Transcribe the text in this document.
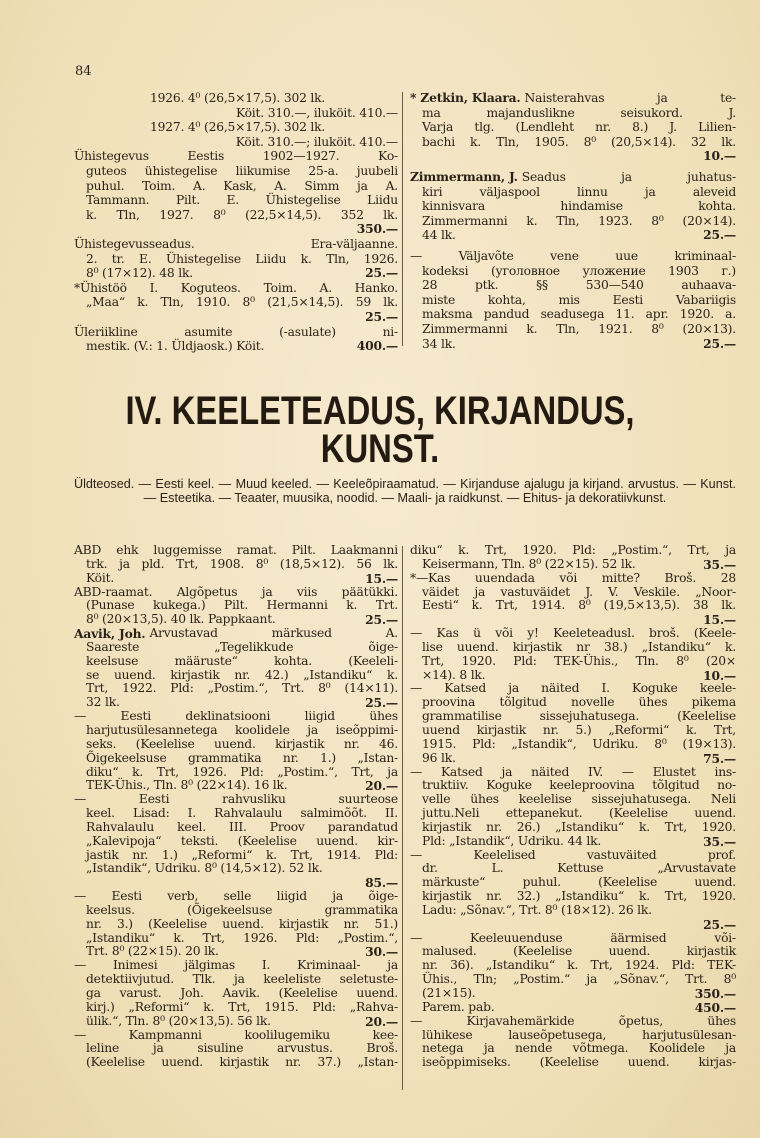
84
1926. 4⁰ (26,5×17,5). 302 lk.
Köit. 310.—, iluköit. 410.—
1927. 4⁰ (26,5×17,5). 302 lk.
Köit. 310.—; iluköit. 410.—
Ühistegevus Eestis 1902—1927. Ko-
guteos ühistegelise liikumise 25-a. juubeli
puhul. Toim. A. Kask, A. Simm ja A.
Tammann. Pilt. E. Ühistegelise Liidu
k. Tln, 1927. 8⁰ (22,5×14,5). 352 lk.
350.—
Ühistegevusseadus. Era-väljaanne.
2. tr. E. Ühistegelise Liidu k. Tln, 1926.
8⁰ (17×12). 48 lk.	25.—
*Ühistöö I. Koguteos. Toim. A. Hanko.
„Maa“ k. Tln, 1910. 8⁰ (21,5×14,5). 59 lk.
25.—
Üleriikline asumite (-asulate) ni-
mestik. (V.: 1. Üldjaosk.) Köit.	400.—
* Zetkin, Klaara. Naisterahvas ja te-
ma majanduslikne seisukord. J.
Varja tlg. (Lendleht nr. 8.) J. Lilien-
bachi k. Tln, 1905. 8⁰ (20,5×14). 32 lk.
10.—
Zimmermann, J. Seadus ja juhatus-
kiri väljaspool linnu ja aleveid
kinnisvara hindamise kohta.
Zimmermanni k. Tln, 1923. 8⁰ (20×14).
44 lk.	25.—
— Väljavõte vene uue kriminaal-
kodeksi (уголовное уложение 1903 г.)
28 ptk. §§ 530—540 auhaava-
miste kohta, mis Eesti Vabariigis
maksma pandud seadusega 11. apr. 1920. a.
Zimmermanni k. Tln, 1921. 8⁰ (20×13).
34 lk.	25.—
IV. KEELETEADUS, KIRJANDUS,
KUNST.
Üldteosed. — Eesti keel. — Muud keeled. — Keeleõpiraamatud. — Kirjanduse ajalugu ja kirjand. arvustus. — Kunst. — Esteetika. — Teaater, muusika, noodid. — Maali- ja raidkunst. — Ehitus- ja dekoratiivkunst.
ABD ehk luggemisse ramat. Pilt. Laakmanni
trk. ja pld. Trt, 1908. 8⁰ (18,5×12). 56 lk.
Köit.	15.—
ABD-raamat. Algõpetus ja viis päätükki.
(Punase kukega.) Pilt. Hermanni k. Trt.
8⁰ (20×13,5). 40 lk. Pappkaant.	25.—
Aavik, Joh. Arvustavad märkused A.
Saareste „Tegelikkude õige-
keelsuse määruste“ kohta. (Keeleli-
se uuend. kirjastik nr. 42.) „Istandiku“ k.
Trt, 1922. Pld: „Postim.“, Trt. 8⁰ (14×11).
32 lk.	25.—
— Eesti deklinatsiooni liigid ühes
harjutusülesannetega koolidele ja iseõppimi-
seks. (Keelelise uuend. kirjastik nr. 46.
Õigekeelsuse grammatika nr. 1.) „Istan-
diku“ k. Trt, 1926. Pld: „Postim.“, Trt, ja
TEK-Ühis., Tln. 8⁰ (22×14). 16 lk.	20.—
— Eesti rahvusliku suurteose
keel. Lisad: I. Rahvalaulu salmimõõt. II.
Rahvalaulu keel. III. Proov parandatud
„Kalevipoja“ teksti. (Keelelise uuend. kir-
jastik nr. 1.) „Reformi“ k. Trt, 1914. Pld:
„Istandik“, Udriku. 8⁰ (14,5×12). 52 lk.
85.—
— Eesti verb, selle liigid ja õige-
keelsus. (Õigekeelsuse grammatika
nr. 3.) (Keelelise uuend. kirjastik nr. 51.)
„Istandiku“ k. Trt, 1926. Pld: „Postim.“,
Trt. 8⁰ (22×15). 20 lk.	30.—
— Inimesi jälgimas I. Kriminaal- ja
detektiivjutud. Tlk. ja keeleliste seletuste-
ga varust. Joh. Aavik. (Keelelise uuend.
kirj.) „Reformi“ k. Trt, 1915. Pld: „Rahva-
ülik.“, Tln. 8⁰ (20×13,5). 56 lk.	20.—
— Kampmanni koolilugemiku kee-
leline ja sisuline arvustus. Broš.
(Keelelise uuend. kirjastik nr. 37.) „Istan-
diku“ k. Trt, 1920. Pld: „Postim.“, Trt, ja
Keisermann, Tln. 8⁰ (22×15). 52 lk.	35.—
*—Kas uuendada või mitte? Broš. 28
väidet ja vastuväidet J. V. Veskile. „Noor-
Eesti“ k. Trt, 1914. 8⁰ (19,5×13,5). 38 lk.
15.—
— Kas ü või y! Keeleteadusl. broš. (Keele-
lise uuend. kirjastik nr 38.) „Istandiku“ k.
Trt, 1920. Pld: TEK-Ühis., Tln. 8⁰ (20×
×14). 8 lk.	10.—
— Katsed ja näited I. Koguke keele-
proovina tõlgitud novelle ühes pikema
grammatilise sissejuhatusega. (Keelelise
uuend kirjastik nr. 5.) „Reformi“ k. Trt,
1915. Pld: „Istandik“, Udriku. 8⁰ (19×13).
96 lk.	75.—
— Katsed ja näited IV. — Elustet ins-
truktiiv. Koguke keeleproovina tõlgitud no-
velle ühes keelelise sissejuhatusega. Neli
juttu.Neli ettepanekut. (Keelelise uuend.
kirjastik nr. 26.) „Istandiku“ k. Trt, 1920.
Pld: „Istandik“, Udriku. 44 lk.	35.—
— Keelelised vastuväited prof.
dr. L. Kettuse „Arvustavate
märkuste“ puhul. (Keelelise uuend.
kirjastik nr. 32.) „Istandiku“ k. Trt, 1920.
Ladu: „Sõnav.“, Trt. 8⁰ (18×12). 26 lk.
25.—
— Keeleuuenduse äärmised või-
malused. (Keelelise uuend. kirjastik
nr. 36). „Istandiku“ k. Trt, 1924. Pld: TEK-
Ühis., Tln; „Postim.“ ja „Sõnav.“, Trt. 8⁰
(21×15).	350.—
Parem. pab.	450.—
— Kirjavahemärkide õpetus, ühes
lühikese lauseõpetusega, harjutusülesan-
netega ja nende võtmega. Koolidele ja
iseõppimiseks. (Keelelise uuend. kirjas-
